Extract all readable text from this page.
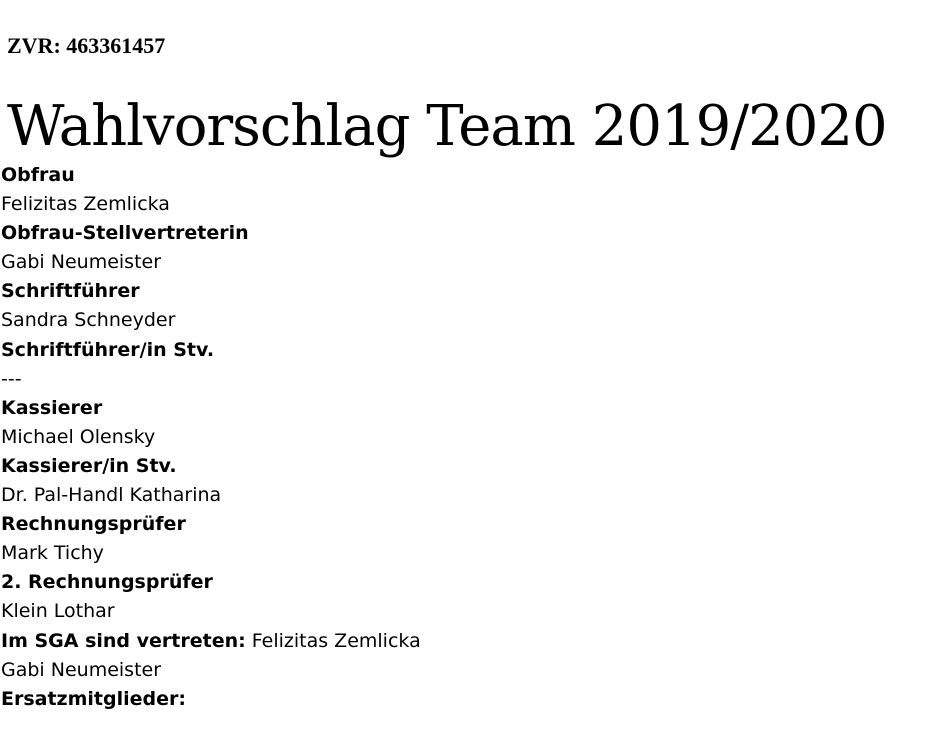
ZVR: 463361457
Wahlvorschlag Team 2019/2020
Obfrau
Felizitas Zemlicka
Obfrau-Stellvertreterin
Gabi Neumeister
Schriftführer
Sandra Schneyder
Schriftführer/in Stv.
---
Kassierer
Michael Olensky
Kassierer/in Stv.
Dr. Pal-Handl Katharina
Rechnungsprüfer
Mark Tichy
2. Rechnungsprüfer
Klein Lothar
Im SGA sind vertreten: Felizitas Zemlicka
Gabi Neumeister
Ersatzmitglieder:
